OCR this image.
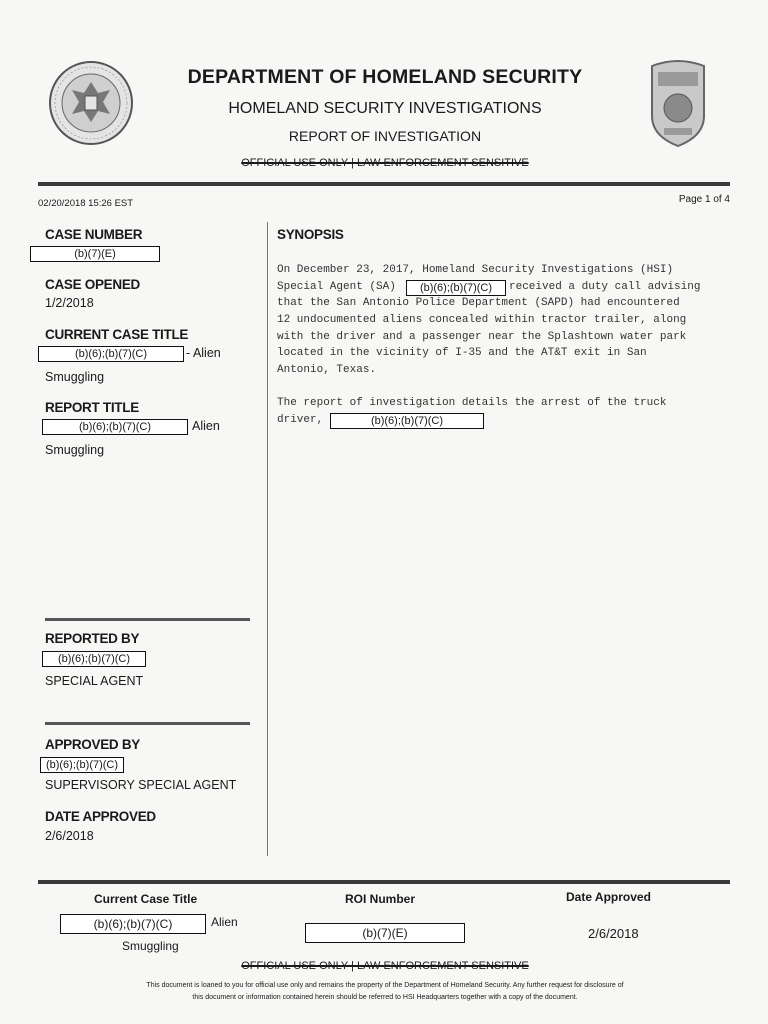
DEPARTMENT OF HOMELAND SECURITY
HOMELAND SECURITY INVESTIGATIONS
REPORT OF INVESTIGATION
OFFICIAL USE ONLY | LAW ENFORCEMENT SENSITIVE
02/20/2018 15:26 EST	Page 1 of 4
CASE NUMBER
(b)(7)(E)
CASE OPENED
1/2/2018
CURRENT CASE TITLE
(b)(6);(b)(7)(C)	- Alien
Smuggling
REPORT TITLE
(b)(6);(b)(7)(C)	Alien
Smuggling
REPORTED BY
(b)(6);(b)(7)(C)
SPECIAL AGENT
APPROVED BY
(b)(6);(b)(7)(C)
SUPERVISORY SPECIAL AGENT
DATE APPROVED
2/6/2018
SYNOPSIS
On December 23, 2017, Homeland Security Investigations (HSI)
Special Agent (SA)	(b)(6);(b)(7)(C)	received a duty call advising
that the San Antonio Police Department (SAPD) had encountered
12 undocumented aliens concealed within tractor trailer, along
with the driver and a passenger near the Splashtown water park
located in the vicinity of I-35 and the AT&T exit in San
Antonio, Texas.
The report of investigation details the arrest of the truck
driver,	(b)(6);(b)(7)(C)
Current Case Title
(b)(6);(b)(7)(C)	Alien
Smuggling
ROI Number
(b)(7)(E)
Date Approved
2/6/2018
OFFICIAL USE ONLY | LAW ENFORCEMENT SENSITIVE
This document is loaned to you for official use only and remains the property of the Department of Homeland Security. Any further request for disclosure of
this document or information contained herein should be referred to HSI Headquarters together with a copy of the document.
